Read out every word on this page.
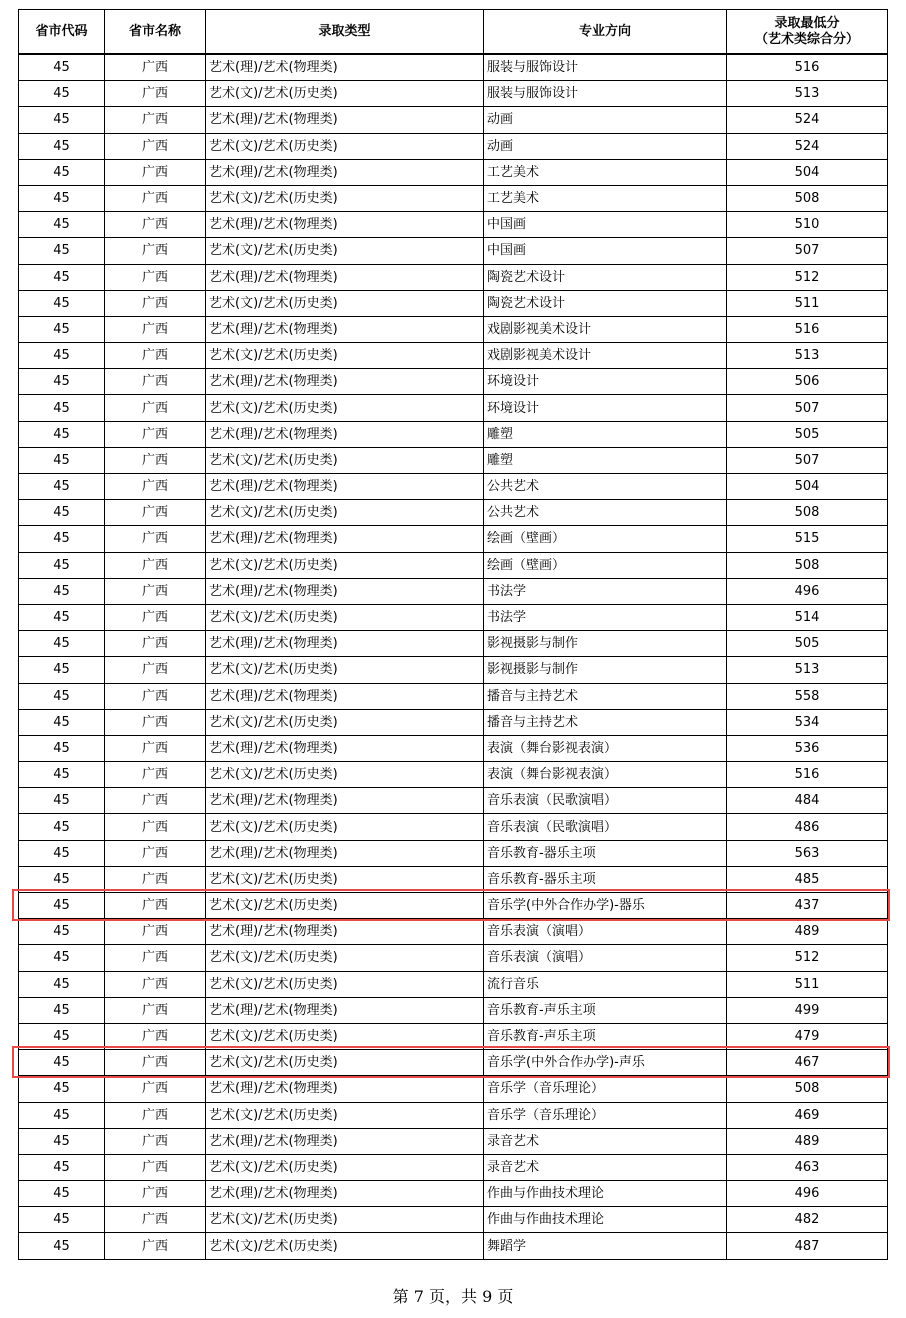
省市代码	省市名称	录取类型	专业方向	录取最低分
（艺术类综合分）

45	广西	艺术(理)/艺术(物理类)	服装与服饰设计	516
45	广西	艺术(文)/艺术(历史类)	服装与服饰设计	513
45	广西	艺术(理)/艺术(物理类)	动画	524
45	广西	艺术(文)/艺术(历史类)	动画	524
45	广西	艺术(理)/艺术(物理类)	工艺美术	504
45	广西	艺术(文)/艺术(历史类)	工艺美术	508
45	广西	艺术(理)/艺术(物理类)	中国画	510
45	广西	艺术(文)/艺术(历史类)	中国画	507
45	广西	艺术(理)/艺术(物理类)	陶瓷艺术设计	512
45	广西	艺术(文)/艺术(历史类)	陶瓷艺术设计	511
45	广西	艺术(理)/艺术(物理类)	戏剧影视美术设计	516
45	广西	艺术(文)/艺术(历史类)	戏剧影视美术设计	513
45	广西	艺术(理)/艺术(物理类)	环境设计	506
45	广西	艺术(文)/艺术(历史类)	环境设计	507
45	广西	艺术(理)/艺术(物理类)	雕塑	505
45	广西	艺术(文)/艺术(历史类)	雕塑	507
45	广西	艺术(理)/艺术(物理类)	公共艺术	504
45	广西	艺术(文)/艺术(历史类)	公共艺术	508
45	广西	艺术(理)/艺术(物理类)	绘画（壁画）	515
45	广西	艺术(文)/艺术(历史类)	绘画（壁画）	508
45	广西	艺术(理)/艺术(物理类)	书法学	496
45	广西	艺术(文)/艺术(历史类)	书法学	514
45	广西	艺术(理)/艺术(物理类)	影视摄影与制作	505
45	广西	艺术(文)/艺术(历史类)	影视摄影与制作	513
45	广西	艺术(理)/艺术(物理类)	播音与主持艺术	558
45	广西	艺术(文)/艺术(历史类)	播音与主持艺术	534
45	广西	艺术(理)/艺术(物理类)	表演（舞台影视表演）	536
45	广西	艺术(文)/艺术(历史类)	表演（舞台影视表演）	516
45	广西	艺术(理)/艺术(物理类)	音乐表演（民歌演唱）	484
45	广西	艺术(文)/艺术(历史类)	音乐表演（民歌演唱）	486
45	广西	艺术(理)/艺术(物理类)	音乐教育-器乐主项	563
45	广西	艺术(文)/艺术(历史类)	音乐教育-器乐主项	485
45	广西	艺术(文)/艺术(历史类)	音乐学(中外合作办学)-器乐	437
45	广西	艺术(理)/艺术(物理类)	音乐表演（演唱）	489
45	广西	艺术(文)/艺术(历史类)	音乐表演（演唱）	512
45	广西	艺术(文)/艺术(历史类)	流行音乐	511
45	广西	艺术(理)/艺术(物理类)	音乐教育-声乐主项	499
45	广西	艺术(文)/艺术(历史类)	音乐教育-声乐主项	479
45	广西	艺术(文)/艺术(历史类)	音乐学(中外合作办学)-声乐	467
45	广西	艺术(理)/艺术(物理类)	音乐学（音乐理论）	508
45	广西	艺术(文)/艺术(历史类)	音乐学（音乐理论）	469
45	广西	艺术(理)/艺术(物理类)	录音艺术	489
45	广西	艺术(文)/艺术(历史类)	录音艺术	463
45	广西	艺术(理)/艺术(物理类)	作曲与作曲技术理论	496
45	广西	艺术(文)/艺术(历史类)	作曲与作曲技术理论	482
45	广西	艺术(文)/艺术(历史类)	舞蹈学	487
第 7 页，共 9 页
